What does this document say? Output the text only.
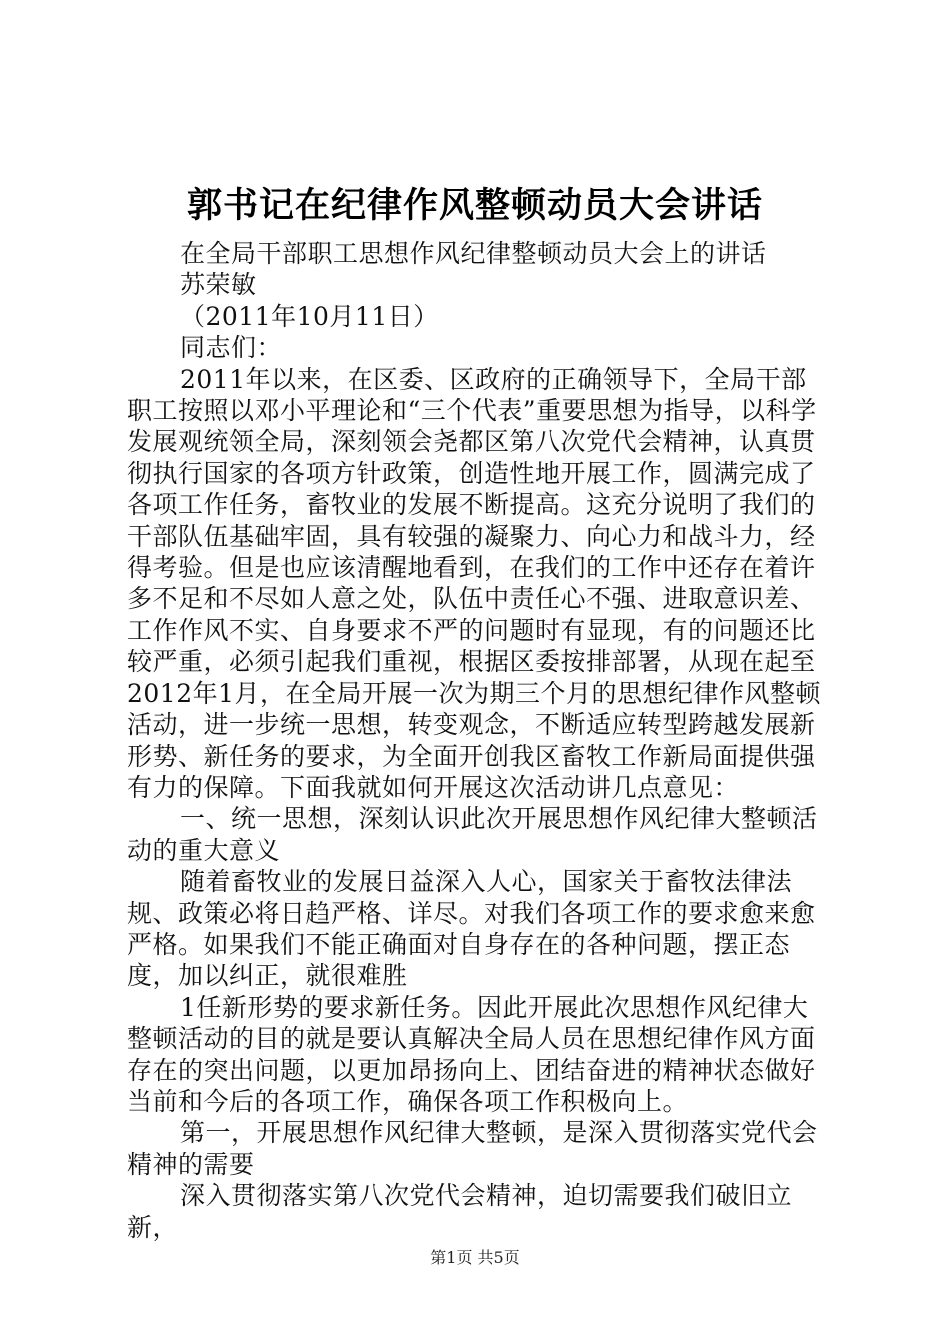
郭书记在纪律作风整顿动员大会讲话

在全局干部职工思想作风纪律整顿动员大会上的讲话

苏荣敏

（2011年10月11日）

同志们：

2011年以来，在区委、区政府的正确领导下，全局干部职工按照以邓小平理论和“三个代表”重要思想为指导，以科学发展观统领全局，深刻领会尧都区第八次党代会精神，认真贯彻执行国家的各项方针政策，创造性地开展工作，圆满完成了各项工作任务，畜牧业的发展不断提高。这充分说明了我们的干部队伍基础牢固，具有较强的凝聚力、向心力和战斗力，经得考验。但是也应该清醒地看到，在我们的工作中还存在着许多不足和不尽如人意之处，队伍中责任心不强、进取意识差、工作作风不实、自身要求不严的问题时有显现，有的问题还比较严重，必须引起我们重视，根据区委按排部署，从现在起至2012年1月，在全局开展一次为期三个月的思想纪律作风整顿活动，进一步统一思想，转变观念，不断适应转型跨越发展新形势、新任务的要求，为全面开创我区畜牧工作新局面提供强有力的保障。下面我就如何开展这次活动讲几点意见：

一、统一思想，深刻认识此次开展思想作风纪律大整顿活动的重大意义

随着畜牧业的发展日益深入人心，国家关于畜牧法律法规、政策必将日趋严格、详尽。对我们各项工作的要求愈来愈严格。如果我们不能正确面对自身存在的各种问题，摆正态度，加以纠正，就很难胜

1任新形势的要求新任务。因此开展此次思想作风纪律大整顿活动的目的就是要认真解决全局人员在思想纪律作风方面存在的突出问题，以更加昂扬向上、团结奋进的精神状态做好当前和今后的各项工作，确保各项工作积极向上。

第一，开展思想作风纪律大整顿，是深入贯彻落实党代会精神的需要

深入贯彻落实第八次党代会精神，迫切需要我们破旧立新，

第1页 共5页
